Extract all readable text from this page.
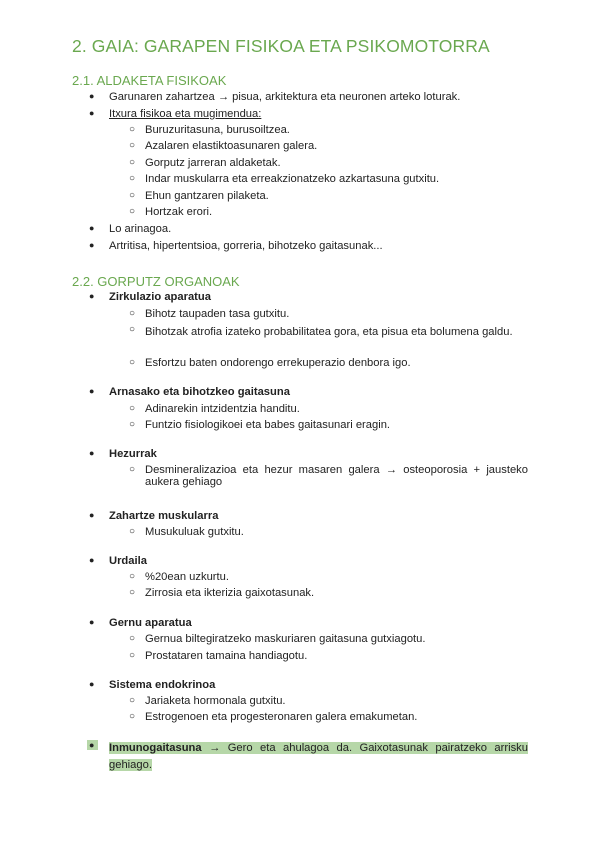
2. GAIA: GARAPEN FISIKOA ETA PSIKOMOTORRA
2.1. ALDAKETA FISIKOAK
● Garunaren zahartzea → pisua, arkitektura eta neuronen arteko loturak.
● Itxura fisikoa eta mugimendua:
○ Buruzuritasuna, burusoiltzea.
○ Azalaren elastiktoasunaren galera.
○ Gorputz jarreran aldaketak.
○ Indar muskularra eta erreakzionatzeko azkartasuna gutxitu.
○ Ehun gantzaren pilaketa.
○ Hortzak erori.
● Lo arinagoa.
● Artritisa, hipertentsioa, gorreria, bihotzeko gaitasunak...
2.2. GORPUTZ ORGANOAK
● Zirkulazio aparatua
○ Bihotz taupaden tasa gutxitu.
○ Bihotzak atrofia izateko probabilitatea gora, eta pisua eta bolumena galdu.
○ Esfortzu baten ondorengo errekuperazio denbora igo.
● Arnasako eta bihotzkeo gaitasuna
○ Adinarekin intzidentzia handitu.
○ Funtzio fisiologikoei eta babes gaitasunari eragin.
● Hezurrak
○ Desmineralizazioa eta hezur masaren galera → osteoporosia + jausteko aukera gehiago
● Zahartze muskularra
○ Musukuluak gutxitu.
● Urdaila
○ %20ean uzkurtu.
○ Zirrosia eta ikterizia gaixotasunak.
● Gernu aparatua
○ Gernua biltegiratzeko maskuriaren gaitasuna gutxiagotu.
○ Prostataren tamaina handiagotu.
● Sistema endokrinoa
○ Jariaketa hormonala gutxitu.
○ Estrogenoen eta progesteronaren galera emakumetan.
●	Inmunogaitasuna → Gero eta ahulagoa da. Gaixotasunak pairatzeko arrisku gehiago.
